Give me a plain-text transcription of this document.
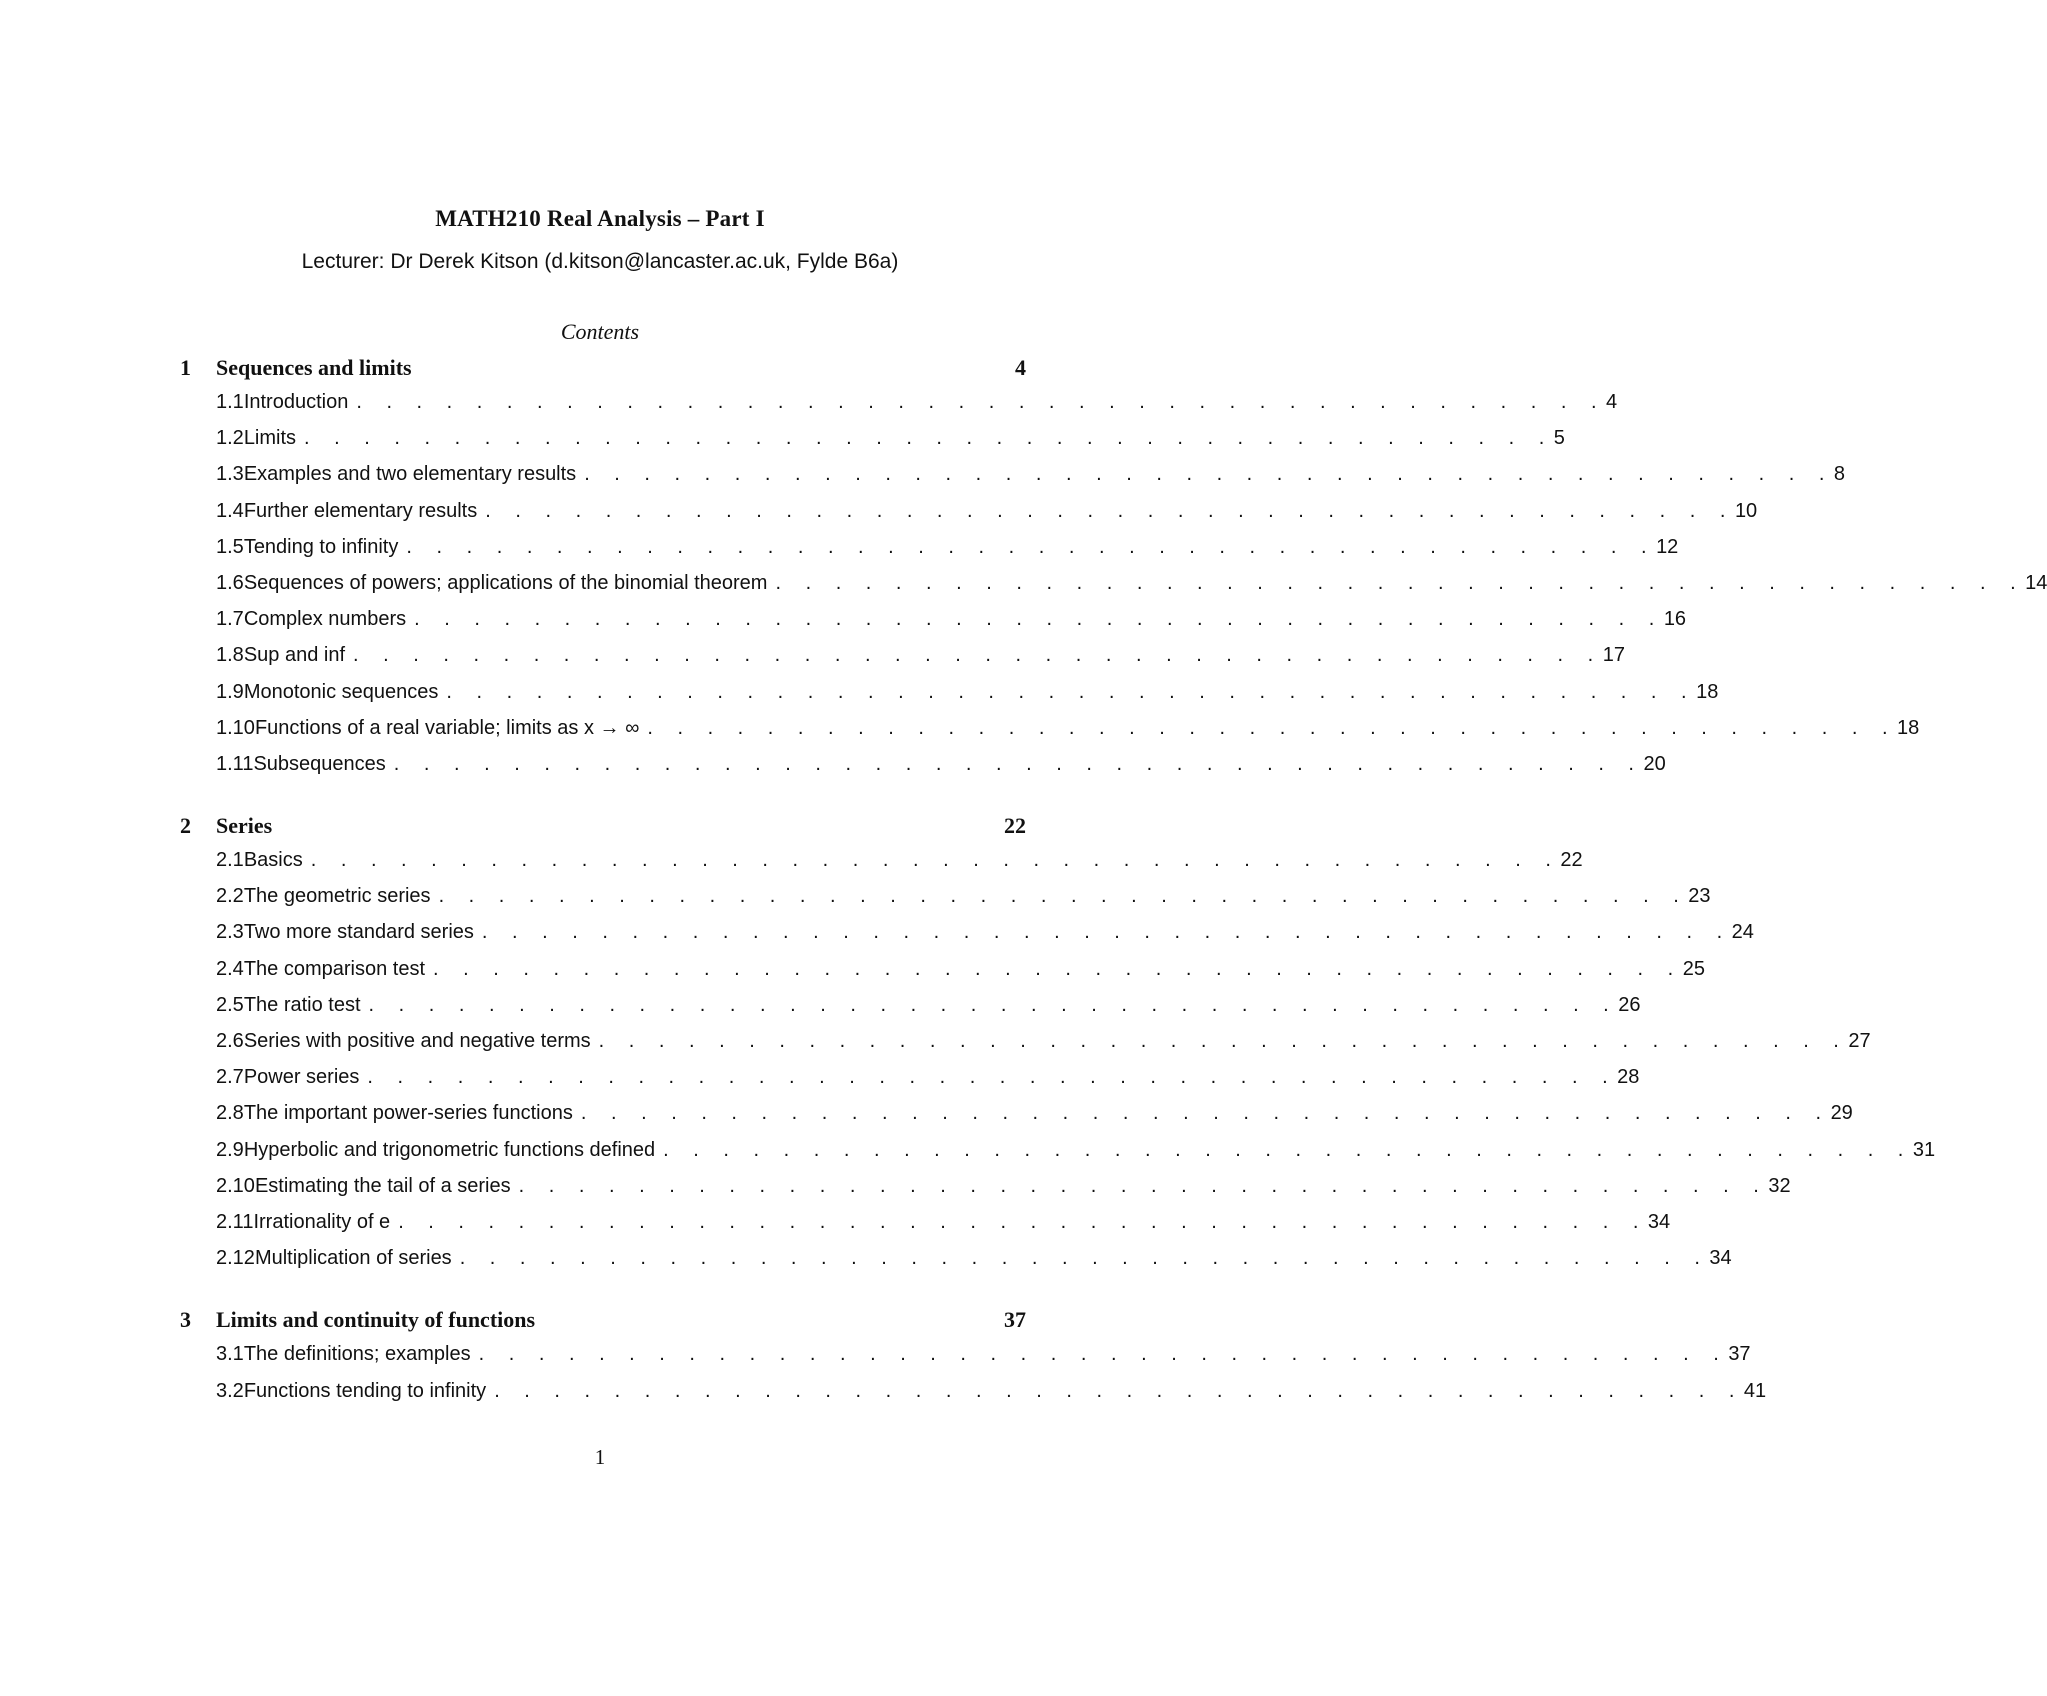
MATH210 Real Analysis – Part I
Lecturer: Dr Derek Kitson (d.kitson@lancaster.ac.uk, Fylde B6a)
Contents
1	Sequences and limits	4
1.1 Introduction . . . . . . . . . . . . . . . . . . . . . . . . . . . . . . . . . . . . . . . . . . 4
1.2 Limits . . . . . . . . . . . . . . . . . . . . . . . . . . . . . . . . . . . . . . . . . . 5
1.3 Examples and two elementary results . . . . . . . . . . . . . . . . . . . . . . . . . . . . . . . . . . . . . . . . . . 8
1.4 Further elementary results . . . . . . . . . . . . . . . . . . . . . . . . . . . . . . . . . . . . . . . . . . 10
1.5 Tending to infinity . . . . . . . . . . . . . . . . . . . . . . . . . . . . . . . . . . . . . . . . . . 12
1.6 Sequences of powers; applications of the binomial theorem . . . . . . . . . . . . . . . . . . . . . . . . . . . . . . . . . . . . . . . . . . 14
1.7 Complex numbers . . . . . . . . . . . . . . . . . . . . . . . . . . . . . . . . . . . . . . . . . . 16
1.8 Sup and inf . . . . . . . . . . . . . . . . . . . . . . . . . . . . . . . . . . . . . . . . . . 17
1.9 Monotonic sequences . . . . . . . . . . . . . . . . . . . . . . . . . . . . . . . . . . . . . . . . . . 18
1.10 Functions of a real variable; limits as x → ∞ . . . . . . . . . . . . . . . . . . . . . . . . . . . . . . . . . . . . . . . . . . 18
1.11 Subsequences . . . . . . . . . . . . . . . . . . . . . . . . . . . . . . . . . . . . . . . . . . 20
2	Series	22
2.1 Basics . . . . . . . . . . . . . . . . . . . . . . . . . . . . . . . . . . . . . . . . . . 22
2.2 The geometric series . . . . . . . . . . . . . . . . . . . . . . . . . . . . . . . . . . . . . . . . . . 23
2.3 Two more standard series . . . . . . . . . . . . . . . . . . . . . . . . . . . . . . . . . . . . . . . . . . 24
2.4 The comparison test . . . . . . . . . . . . . . . . . . . . . . . . . . . . . . . . . . . . . . . . . . 25
2.5 The ratio test . . . . . . . . . . . . . . . . . . . . . . . . . . . . . . . . . . . . . . . . . . 26
2.6 Series with positive and negative terms . . . . . . . . . . . . . . . . . . . . . . . . . . . . . . . . . . . . . . . . . . 27
2.7 Power series . . . . . . . . . . . . . . . . . . . . . . . . . . . . . . . . . . . . . . . . . . 28
2.8 The important power-series functions . . . . . . . . . . . . . . . . . . . . . . . . . . . . . . . . . . . . . . . . . . 29
2.9 Hyperbolic and trigonometric functions defined . . . . . . . . . . . . . . . . . . . . . . . . . . . . . . . . . . . . . . . . . . 31
2.10 Estimating the tail of a series . . . . . . . . . . . . . . . . . . . . . . . . . . . . . . . . . . . . . . . . . . 32
2.11 Irrationality of e . . . . . . . . . . . . . . . . . . . . . . . . . . . . . . . . . . . . . . . . . . 34
2.12 Multiplication of series . . . . . . . . . . . . . . . . . . . . . . . . . . . . . . . . . . . . . . . . . . 34
3	Limits and continuity of functions	37
3.1 The definitions; examples . . . . . . . . . . . . . . . . . . . . . . . . . . . . . . . . . . . . . . . . . . 37
3.2 Functions tending to infinity . . . . . . . . . . . . . . . . . . . . . . . . . . . . . . . . . . . . . . . . . . 41
1
